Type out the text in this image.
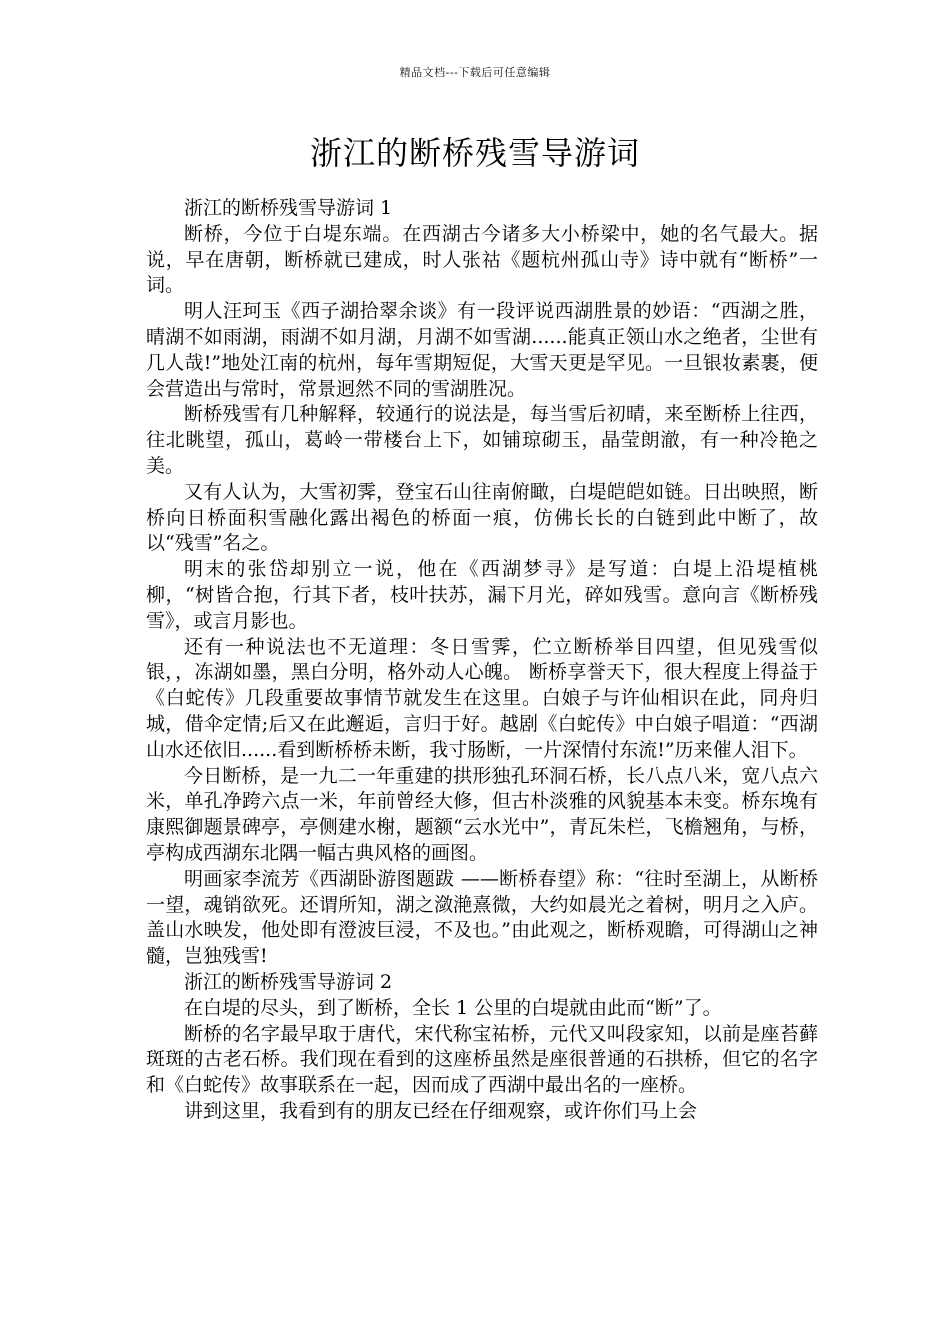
精品文档---下载后可任意编辑
浙江的断桥残雪导游词

浙江的断桥残雪导游词 1

断桥，今位于白堤东端。在西湖古今诸多大小桥梁中，她的名气最大。据说，早在唐朝，断桥就已建成，时人张祜《题杭州孤山寺》诗中就有“断桥”一词。

明人汪珂玉《西子湖拾翠余谈》有一段评说西湖胜景的妙语：“西湖之胜，晴湖不如雨湖，雨湖不如月湖，月湖不如雪湖......能真正领山水之绝者，尘世有几人哉!”地处江南的杭州，每年雪期短促，大雪天更是罕见。一旦银妆素裹，便会营造出与常时，常景迥然不同的雪湖胜况。

断桥残雪有几种解释，较通行的说法是，每当雪后初晴，来至断桥上往西，往北眺望，孤山，葛岭一带楼台上下，如铺琼砌玉，晶莹朗澈，有一种冷艳之美。

又有人认为，大雪初霁，登宝石山往南俯瞰，白堤皑皑如链。日出映照，断桥向日桥面积雪融化露出褐色的桥面一痕，仿佛长长的白链到此中断了，故以“残雪”名之。

明末的张岱却别立一说，他在《西湖梦寻》是写道：白堤上沿堤植桃柳，“树皆合抱，行其下者，枝叶扶苏，漏下月光，碎如残雪。意向言《断桥残雪》，或言月影也。

还有一种说法也不无道理：冬日雪霁，伫立断桥举目四望，但见残雪似银，，冻湖如墨，黑白分明，格外动人心魄。 断桥享誉天下，很大程度上得益于《白蛇传》几段重要故事情节就发生在这里。白娘子与许仙相识在此，同舟归城，借伞定情;后又在此邂逅，言归于好。越剧《白蛇传》中白娘子唱道：“西湖山水还依旧......看到断桥桥未断，我寸肠断，一片深情付东流!”历来催人泪下。

今日断桥，是一九二一年重建的拱形独孔环洞石桥，长八点八米，宽八点六米，单孔净跨六点一米，年前曾经大修，但古朴淡雅的风貌基本未变。桥东堍有康熙御题景碑亭，亭侧建水榭，题额“云水光中”，青瓦朱栏，飞檐翘角，与桥，亭构成西湖东北隅一幅古典风格的画图。

明画家李流芳《西湖卧游图题跋 ——断桥春望》称：“往时至湖上，从断桥一望，魂销欲死。还谓所知，湖之潋滟熹微，大约如晨光之着树，明月之入庐。盖山水映发，他处即有澄波巨浸，不及也。”由此观之，断桥观瞻，可得湖山之神髓，岂独残雪!

浙江的断桥残雪导游词 2

在白堤的尽头，到了断桥，全长 1 公里的白堤就由此而“断”了。

断桥的名字最早取于唐代，宋代称宝祐桥，元代又叫段家知，以前是座苔藓斑斑的古老石桥。我们现在看到的这座桥虽然是座很普通的石拱桥，但它的名字和《白蛇传》故事联系在一起，因而成了西湖中最出名的一座桥。

讲到这里，我看到有的朋友已经在仔细观察，或许你们马上会
